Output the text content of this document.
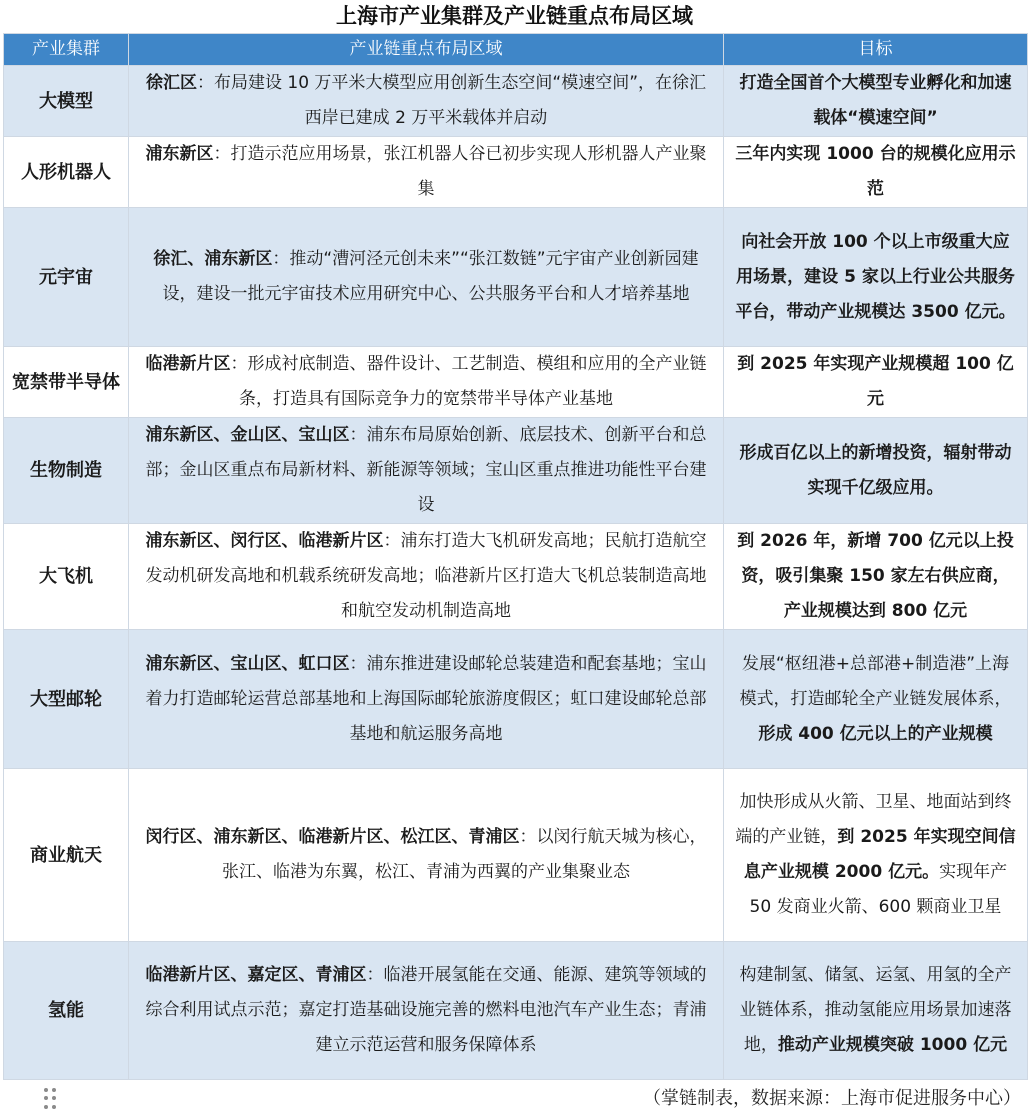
上海市产业集群及产业链重点布局区域
产业集群	产业链重点布局区域	目标
大模型	徐汇区：布局建设 10 万平米大模型应用创新生态空间“模速空间”，在徐汇西岸已建成 2 万平米载体并启动	打造全国首个大模型专业孵化和加速载体“模速空间”
人形机器人	浦东新区：打造示范应用场景，张江机器人谷已初步实现人形机器人产业聚集	三年内实现 1000 台的规模化应用示范
元宇宙	徐汇、浦东新区：推动“漕河泾元创未来”“张江数链”元宇宙产业创新园建设，建设一批元宇宙技术应用研究中心、公共服务平台和人才培养基地	向社会开放 100 个以上市级重大应用场景，建设 5 家以上行业公共服务平台，带动产业规模达 3500 亿元。
宽禁带半导体	临港新片区：形成衬底制造、器件设计、工艺制造、模组和应用的全产业链条，打造具有国际竞争力的宽禁带半导体产业基地	到 2025 年实现产业规模超 100 亿元
生物制造	浦东新区、金山区、宝山区：浦东布局原始创新、底层技术、创新平台和总部；金山区重点布局新材料、新能源等领域；宝山区重点推进功能性平台建设	形成百亿以上的新增投资，辐射带动实现千亿级应用。
大飞机	浦东新区、闵行区、临港新片区：浦东打造大飞机研发高地；民航打造航空发动机研发高地和机载系统研发高地；临港新片区打造大飞机总装制造高地和航空发动机制造高地	到 2026 年，新增 700 亿元以上投资，吸引集聚 150 家左右供应商，产业规模达到 800 亿元
大型邮轮	浦东新区、宝山区、虹口区：浦东推进建设邮轮总装建造和配套基地；宝山着力打造邮轮运营总部基地和上海国际邮轮旅游度假区；虹口建设邮轮总部基地和航运服务高地	发展“枢纽港+总部港+制造港”上海模式，打造邮轮全产业链发展体系，形成 400 亿元以上的产业规模
商业航天	闵行区、浦东新区、临港新片区、松江区、青浦区：以闵行航天城为核心，张江、临港为东翼，松江、青浦为西翼的产业集聚业态	加快形成从火箭、卫星、地面站到终端的产业链，到 2025 年实现空间信息产业规模 2000 亿元。实现年产 50 发商业火箭、600 颗商业卫星
氢能	临港新片区、嘉定区、青浦区：临港开展氢能在交通、能源、建筑等领域的综合利用试点示范；嘉定打造基础设施完善的燃料电池汽车产业生态；青浦建立示范运营和服务保障体系	构建制氢、储氢、运氢、用氢的全产业链体系，推动氢能应用场景加速落地，推动产业规模突破 1000 亿元
（掌链制表，数据来源：上海市促进服务中心）
